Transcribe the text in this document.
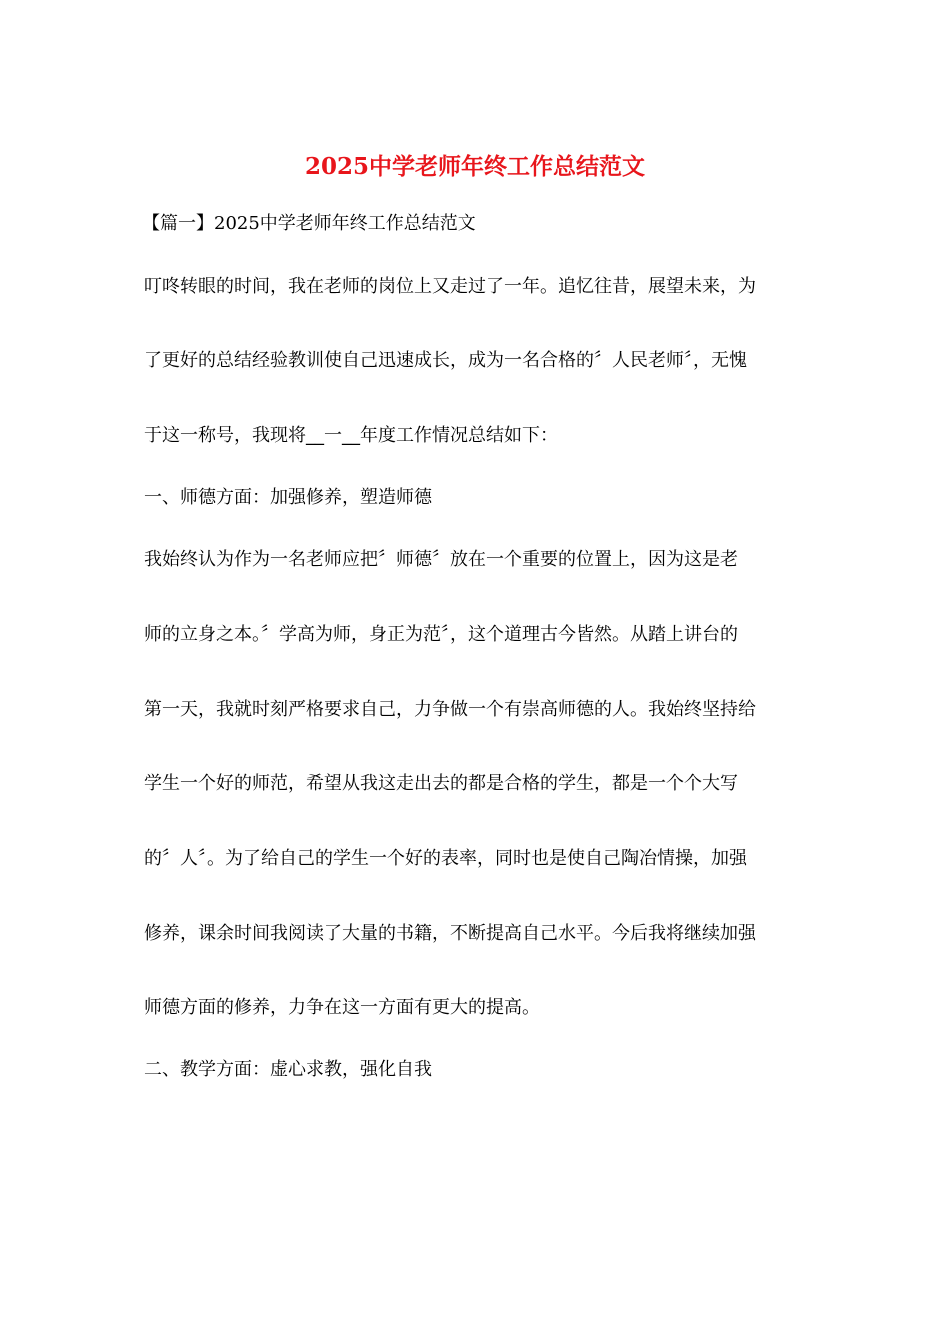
2025中学老师年终工作总结范文
【篇一】2025中学老师年终工作总结范文
叮咚转眼的时间，我在老师的岗位上又走过了一年。追忆往昔，展望未来，为
了更好的总结经验教训使自己迅速成长，成为一名合格的〞人民老师〞，无愧
于这一称号，我现将__一__年度工作情况总结如下：
一、师德方面：加强修养，塑造师德
我始终认为作为一名老师应把〞师德〞放在一个重要的位置上，因为这是老
师的立身之本。〞学高为师，身正为范〞，这个道理古今皆然。从踏上讲台的
第一天，我就时刻严格要求自己，力争做一个有崇高师德的人。我始终坚持给
学生一个好的师范，希望从我这走出去的都是合格的学生，都是一个个大写
的〞人〞。为了给自己的学生一个好的表率，同时也是使自己陶冶情操，加强
修养，课余时间我阅读了大量的书籍，不断提高自己水平。今后我将继续加强
师德方面的修养，力争在这一方面有更大的提高。
二、教学方面：虚心求教，强化自我
